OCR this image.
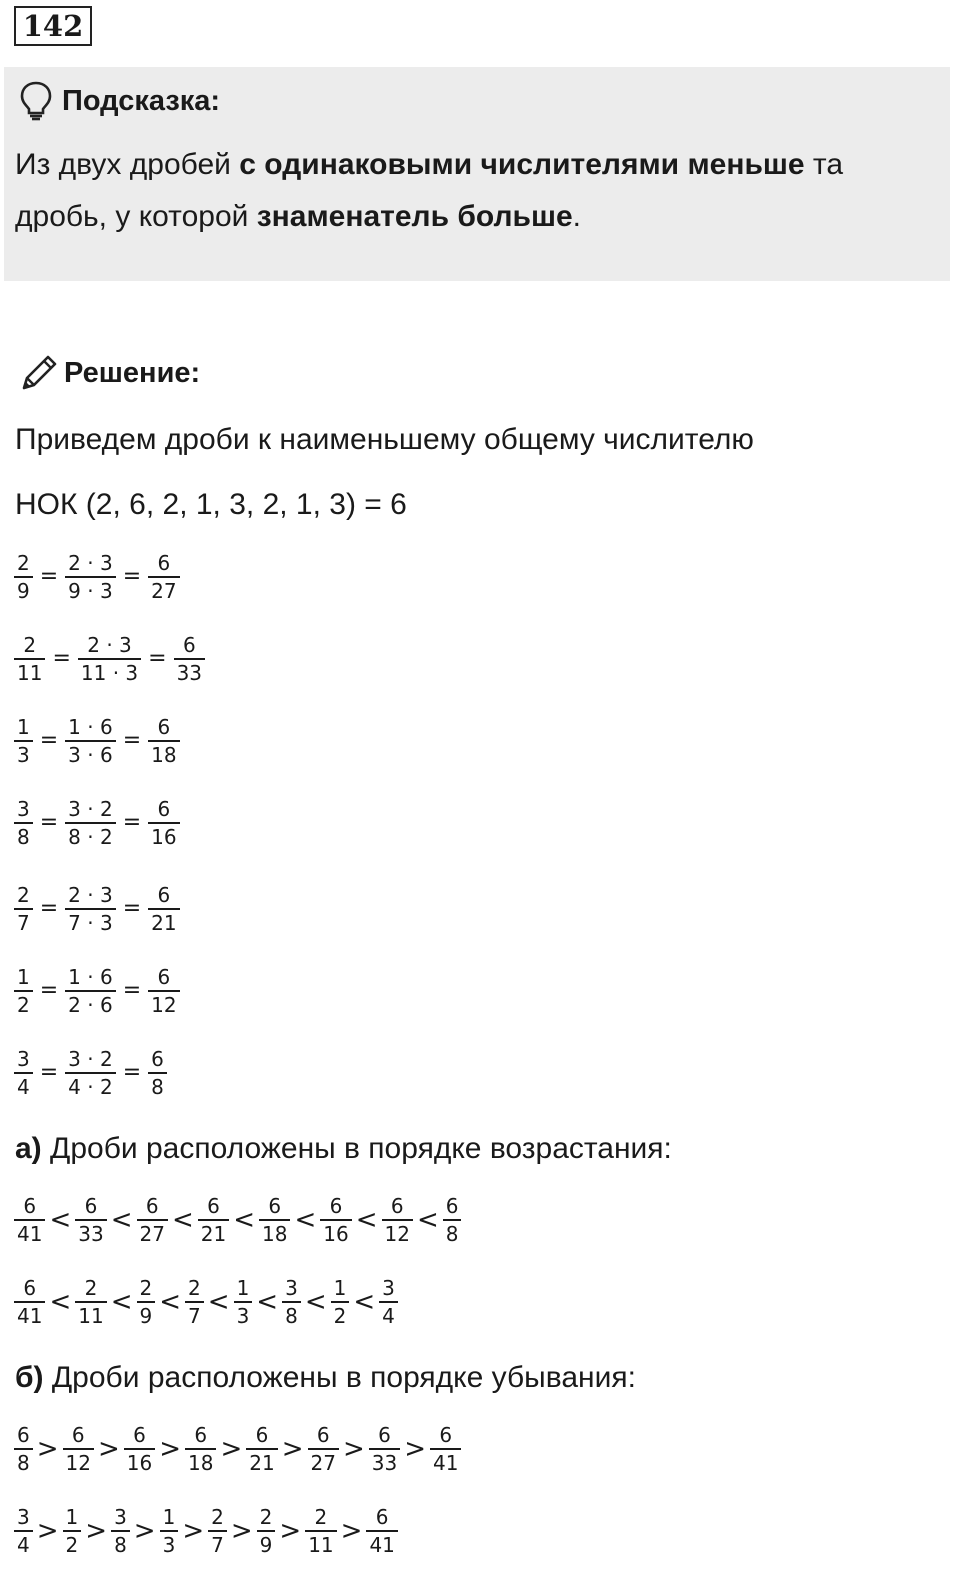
142
Подсказка:
Из двух дробей с одинаковыми числителями меньше та дробь, у которой знаменатель больше.
Решение:
Приведем дроби к наименьшему общему числителю
НОК (2, 6, 2, 1, 3, 2, 1, 3) = 6
$\frac{2}{9} = \frac{2 \cdot 3}{9 \cdot 3} = \frac{6}{27}$
$\frac{2}{11} = \frac{2 \cdot 3}{11 \cdot 3} = \frac{6}{33}$
$\frac{1}{3} = \frac{1 \cdot 6}{3 \cdot 6} = \frac{6}{18}$
$\frac{3}{8} = \frac{3 \cdot 2}{8 \cdot 2} = \frac{6}{16}$
$\frac{2}{7} = \frac{2 \cdot 3}{7 \cdot 3} = \frac{6}{21}$
$\frac{1}{2} = \frac{1 \cdot 6}{2 \cdot 6} = \frac{6}{12}$
$\frac{3}{4} = \frac{3 \cdot 2}{4 \cdot 2} = \frac{6}{8}$
а) Дроби расположены в порядке возрастания:
б) Дроби расположены в порядке убывания:
$\frac{6}{41} < \frac{6}{33} < \frac{6}{27} < \frac{6}{21} < \frac{6}{18} < \frac{6}{16} < \frac{6}{12} < \frac{6}{8}$
$\frac{6}{41} < \frac{2}{11} < \frac{2}{9} < \frac{2}{7} < \frac{1}{3} < \frac{3}{8} < \frac{1}{2} < \frac{3}{4}$
$\frac{6}{8} > \frac{6}{12} > \frac{6}{16} > \frac{6}{18} > \frac{6}{21} > \frac{6}{27} > \frac{6}{33} > \frac{6}{41}$
$\frac{3}{4} > \frac{1}{2} > \frac{3}{8} > \frac{1}{3} > \frac{2}{7} > \frac{2}{9} > \frac{2}{11} > \frac{6}{41}$
